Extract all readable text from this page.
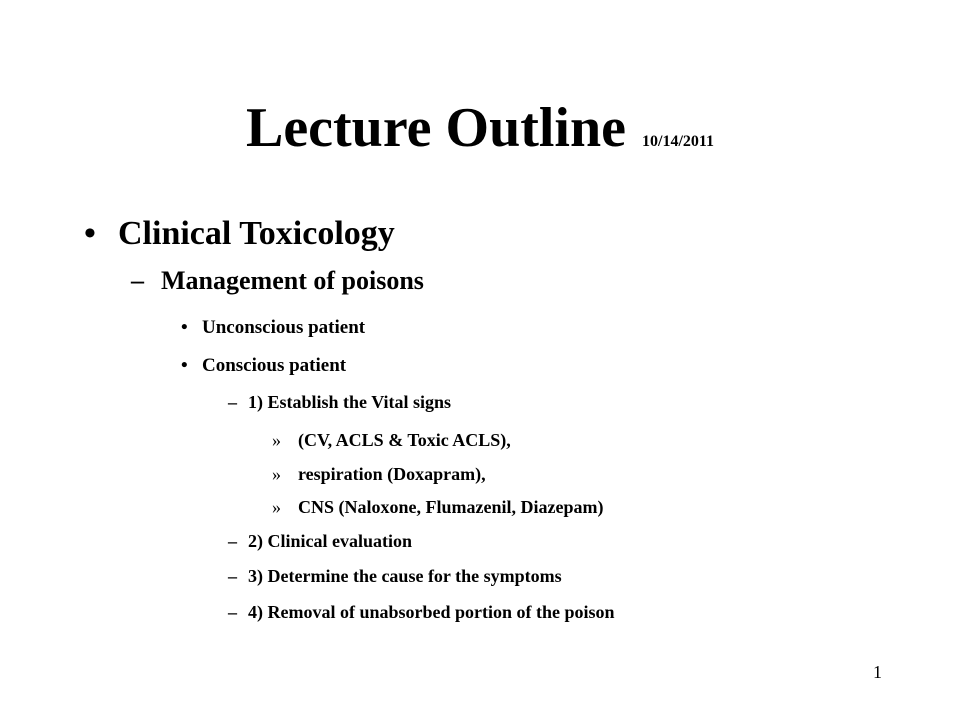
Lecture Outline 10/14/2011
• Clinical Toxicology
– Management of poisons
• Unconscious patient
• Conscious patient
– 1) Establish the Vital signs
» (CV, ACLS & Toxic ACLS),
» respiration (Doxapram),
» CNS (Naloxone, Flumazenil, Diazepam)
– 2) Clinical evaluation
– 3) Determine the cause for the symptoms
– 4) Removal of unabsorbed portion of the poison
1
